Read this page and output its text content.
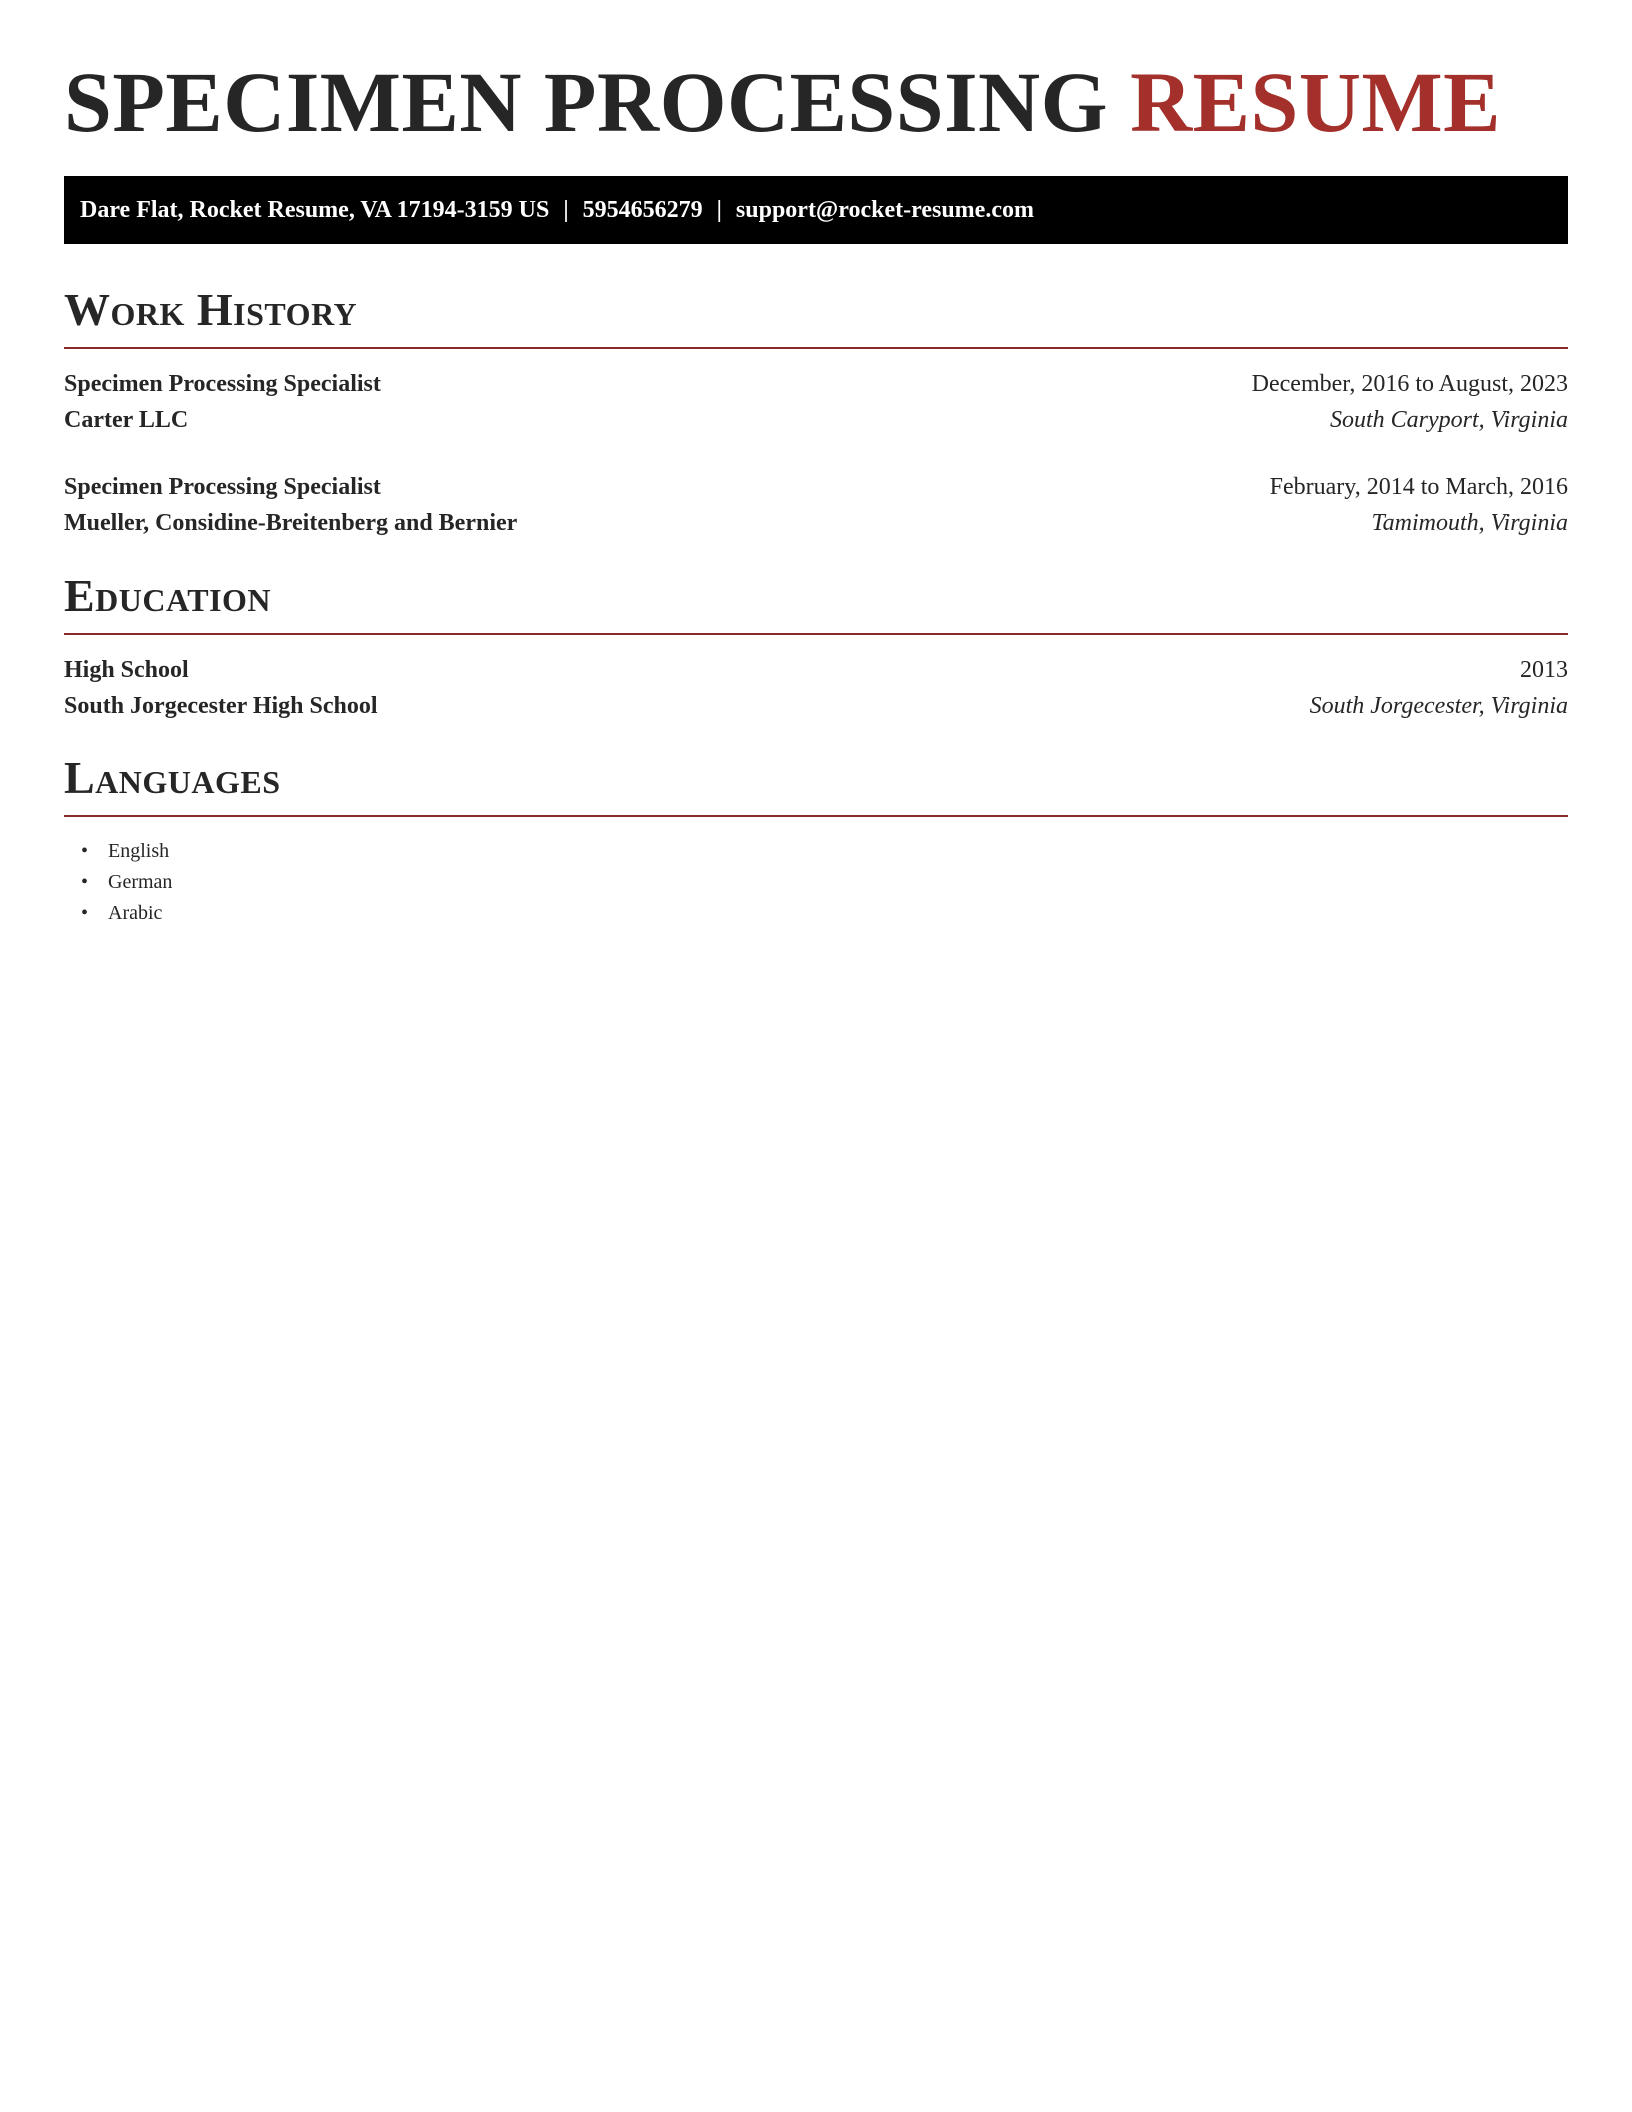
SPECIMEN PROCESSING RESUME
Dare Flat, Rocket Resume, VA 17194-3159 US | 5954656279 | support@rocket-resume.com
Work History
Specimen Processing Specialist	December, 2016 to August, 2023
Carter LLC	South Caryport, Virginia
Specimen Processing Specialist	February, 2014 to March, 2016
Mueller, Considine-Breitenberg and Bernier	Tamimouth, Virginia
Education
High School	2013
South Jorgecester High School	South Jorgecester, Virginia
Languages
• English
• German
• Arabic
